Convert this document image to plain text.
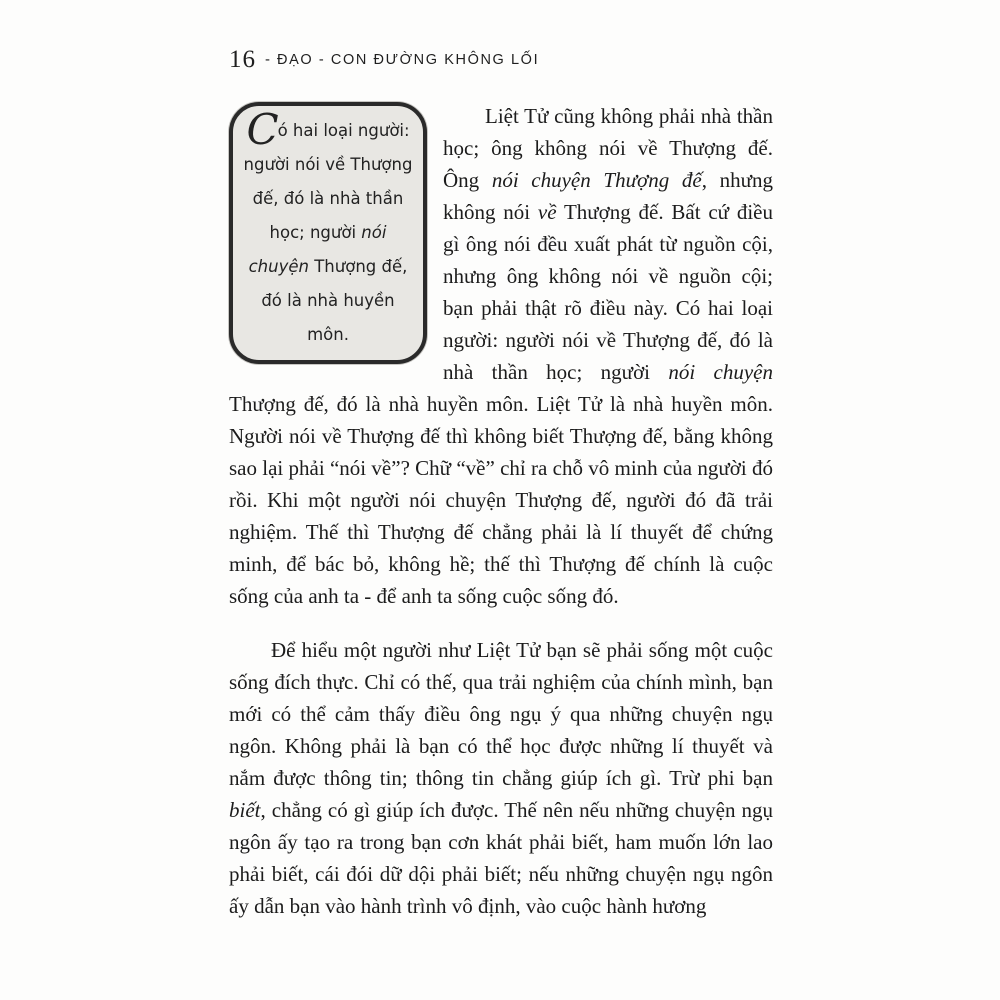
16 - ĐẠO - CON ĐƯỜNG KHÔNG LỐI

Có hai loại người: người nói về Thượng đế, đó là nhà thần học; người nói chuyện Thượng đế, đó là nhà huyền môn.
Liệt Tử cũng không phải nhà thần học; ông không nói về Thượng đế. Ông nói chuyện Thượng đế, nhưng không nói về Thượng đế. Bất cứ điều gì ông nói đều xuất phát từ nguồn cội, nhưng ông không nói về nguồn cội; bạn phải thật rõ điều này. Có hai loại người: người nói về Thượng đế, đó là nhà thần học; người nói chuyện Thượng đế, đó là nhà huyền môn. Liệt Tử là nhà huyền môn. Người nói về Thượng đế thì không biết Thượng đế, bằng không sao lại phải “nói về”? Chữ “về” chỉ ra chỗ vô minh của người đó rồi. Khi một người nói chuyện Thượng đế, người đó đã trải nghiệm. Thế thì Thượng đế chẳng phải là lí thuyết để chứng minh, để bác bỏ, không hề; thế thì Thượng đế chính là cuộc sống của anh ta - để anh ta sống cuộc sống đó.

Để hiểu một người như Liệt Tử bạn sẽ phải sống một cuộc sống đích thực. Chỉ có thế, qua trải nghiệm của chính mình, bạn mới có thể cảm thấy điều ông ngụ ý qua những chuyện ngụ ngôn. Không phải là bạn có thể học được những lí thuyết và nắm được thông tin; thông tin chẳng giúp ích gì. Trừ phi bạn biết, chẳng có gì giúp ích được. Thế nên nếu những chuyện ngụ ngôn ấy tạo ra trong bạn cơn khát phải biết, ham muốn lớn lao phải biết, cái đói dữ dội phải biết; nếu những chuyện ngụ ngôn ấy dẫn bạn vào hành trình vô định, vào cuộc hành hương
